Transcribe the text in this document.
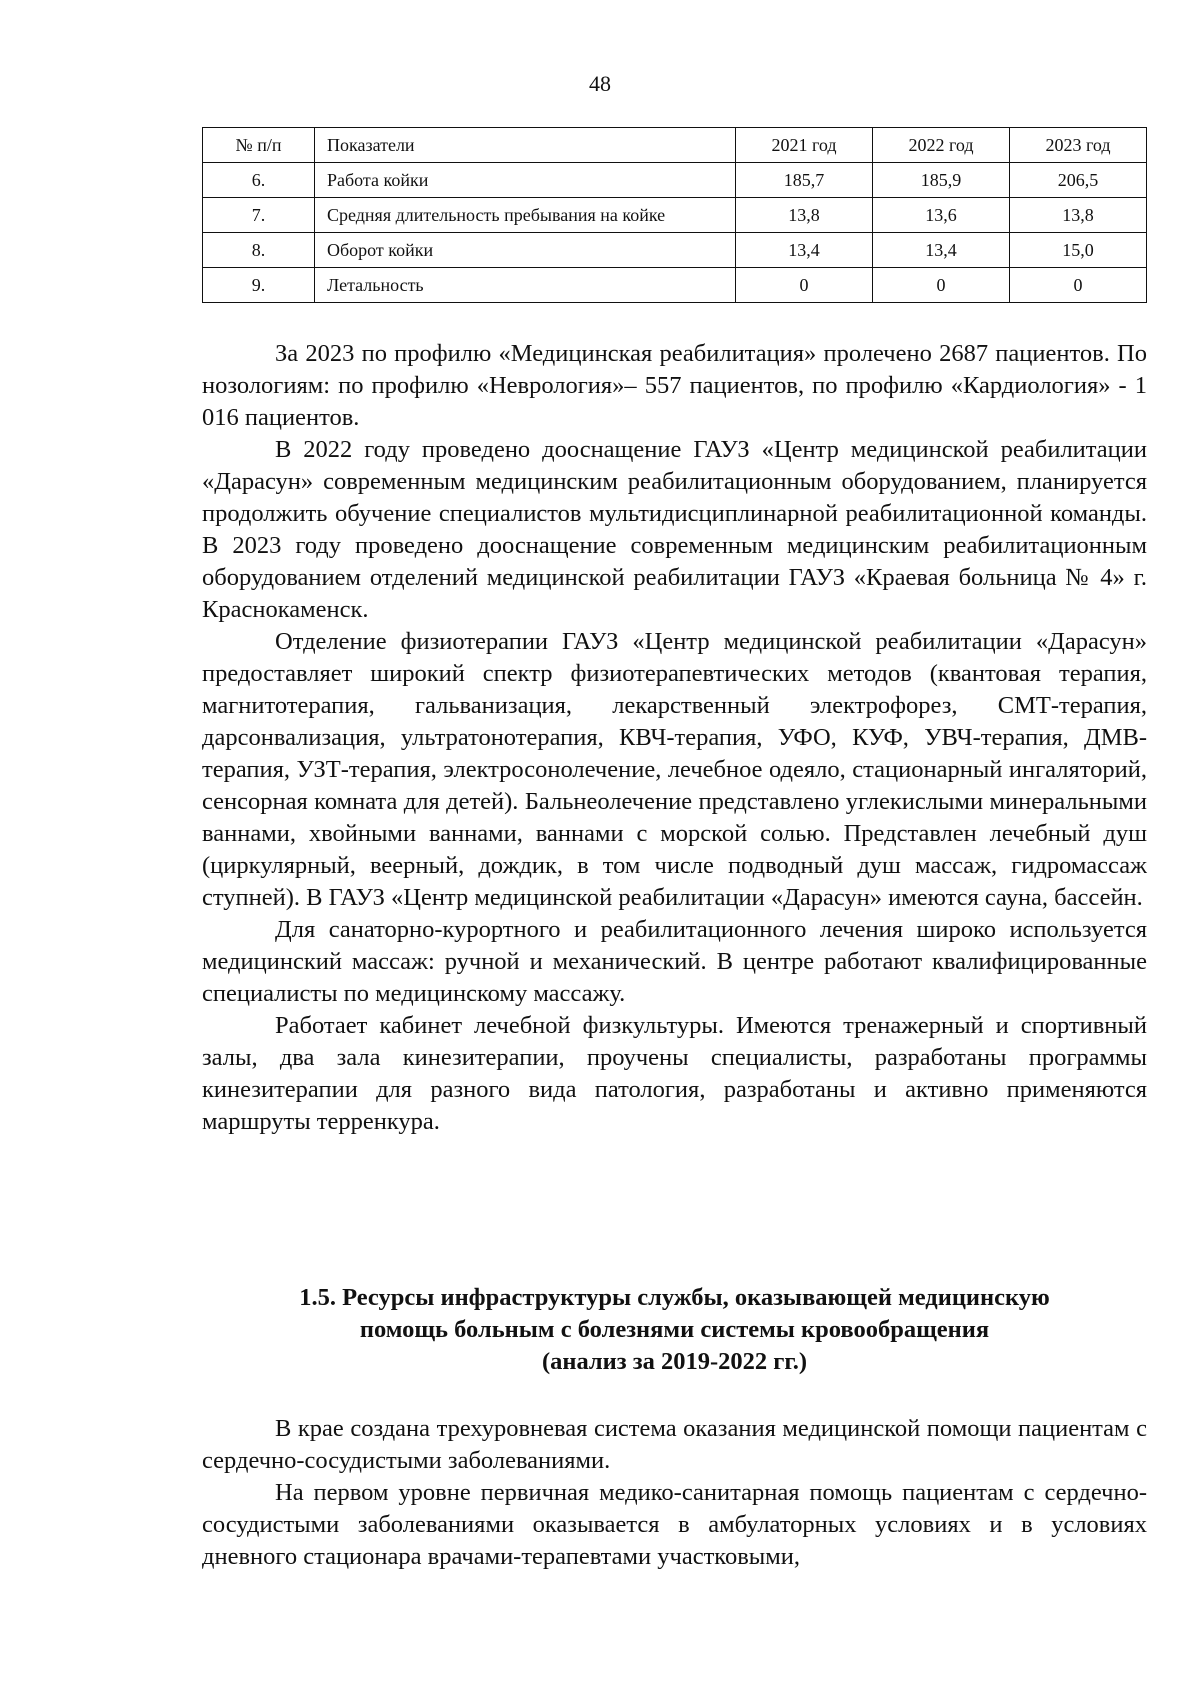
48
№ п/п	Показатели	2021 год	2022 год	2023 год
6.	Работа койки	185,7	185,9	206,5
7.	Средняя длительность пребывания на койке	13,8	13,6	13,8
8.	Оборот койки	13,4	13,4	15,0
9.	Летальность	0	0	0

За 2023 по профилю «Медицинская реабилитация» пролечено 2687 пациентов. По нозологиям: по профилю «Неврология»– 557 пациентов, по профилю «Кардиология» - 1 016 пациентов.

В 2022 году проведено дооснащение ГАУЗ «Центр медицинской реабилитации «Дарасун» современным медицинским реабилитационным оборудованием, планируется продолжить обучение специалистов мультидисциплинарной реабилитационной команды. В 2023 году проведено дооснащение современным медицинским реабилитационным оборудованием отделений медицинской реабилитации ГАУЗ «Краевая больница № 4» г. Краснокаменск.

Отделение физиотерапии ГАУЗ «Центр медицинской реабилитации «Дарасун» предоставляет широкий спектр физиотерапевтических методов (квантовая терапия, магнитотерапия, гальванизация, лекарственный электрофорез, СМТ-терапия, дарсонвализация, ультратонотерапия, КВЧ-терапия, УФО, КУФ, УВЧ-терапия, ДМВ-терапия, УЗТ-терапия, электросонолечение, лечебное одеяло, стационарный ингаляторий, сенсорная комната для детей). Бальнеолечение представлено углекислыми минеральными ваннами, хвойными ваннами, ваннами с морской солью. Представлен лечебный душ (циркулярный, веерный, дождик, в том числе подводный душ массаж, гидромассаж ступней). В ГАУЗ «Центр медицинской реабилитации «Дарасун» имеются сауна, бассейн.

Для санаторно-курортного и реабилитационного лечения широко используется медицинский массаж: ручной и механический. В центре работают квалифицированные специалисты по медицинскому массажу.

Работает кабинет лечебной физкультуры. Имеются тренажерный и спортивный залы, два зала кинезитерапии, проучены специалисты, разработаны программы кинезитерапии для разного вида патология, разработаны и активно применяются маршруты терренкура.

1.5. Ресурсы инфраструктуры службы, оказывающей медицинскую
помощь больным с болезнями системы кровообращения
(анализ за 2019-2022 гг.)

В крае создана трехуровневая система оказания медицинской помощи пациентам с сердечно-сосудистыми заболеваниями.

На первом уровне первичная медико-санитарная помощь пациентам с сердечно-сосудистыми заболеваниями оказывается в амбулаторных условиях и в условиях дневного стационара врачами-терапевтами участковыми,
